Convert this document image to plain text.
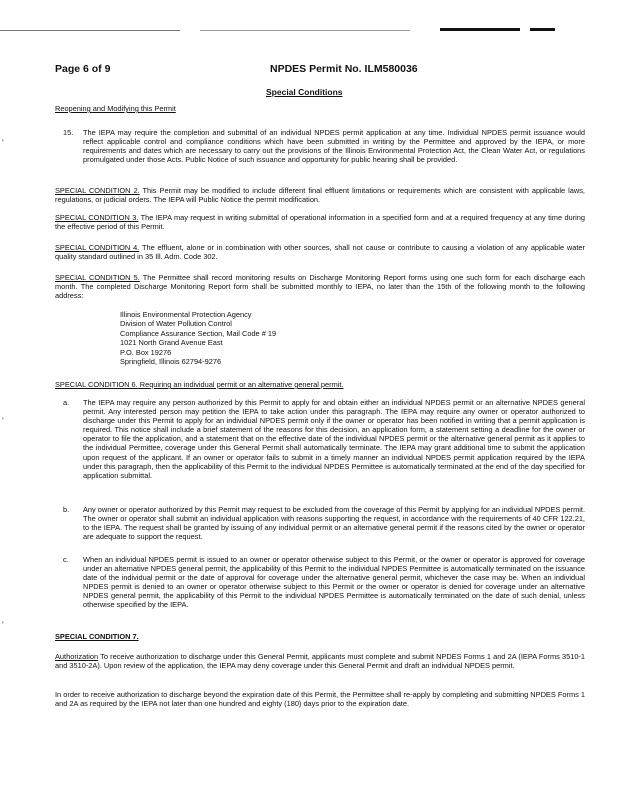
Page 6 of 9	NPDES Permit No. ILM580036
Special Conditions
Reopening and Modifying this Permit
15. The IEPA may require the completion and submittal of an individual NPDES permit application at any time. Individual NPDES permit issuance would reflect applicable control and compliance conditions which have been submitted in writing by the Permittee and approved by the IEPA, or more requirements and dates which are necessary to carry out the provisions of the Illinois Environmental Protection Act, the Clean Water Act, or regulations promulgated under those Acts. Public Notice of such issuance and opportunity for public hearing shall be provided.
SPECIAL CONDITION 2. This Permit may be modified to include different final effluent limitations or requirements which are consistent with applicable laws, regulations, or judicial orders. The IEPA will Public Notice the permit modification.
SPECIAL CONDITION 3. The IEPA may request in writing submittal of operational information in a specified form and at a required frequency at any time during the effective period of this Permit.
SPECIAL CONDITION 4. The effluent, alone or in combination with other sources, shall not cause or contribute to causing a violation of any applicable water quality standard outlined in 35 Ill. Adm. Code 302.
SPECIAL CONDITION 5. The Permittee shall record monitoring results on Discharge Monitoring Report forms using one such form for each discharge each month. The completed Discharge Monitoring Report form shall be submitted monthly to IEPA, no later than the 15th of the following month to the following address:
Illinois Environmental Protection Agency
Division of Water Pollution Control
Compliance Assurance Section, Mail Code # 19
1021 North Grand Avenue East
P.O. Box 19276
Springfield, Illinois 62794-9276
SPECIAL CONDITION 6. Requiring an individual permit or an alternative general permit.
a. The IEPA may require any person authorized by this Permit to apply for and obtain either an individual NPDES permit or an alternative NPDES general permit. Any interested person may petition the IEPA to take action under this paragraph. The IEPA may require any owner or operator authorized to discharge under this Permit to apply for an individual NPDES permit only if the owner or operator has been notified in writing that a permit application is required. This notice shall include a brief statement of the reasons for this decision, an application form, a statement setting a deadline for the owner or operator to file the application, and a statement that on the effective date of the individual NPDES permit or the alternative general permit as it applies to the individual Permittee, coverage under this General Permit shall automatically terminate. The IEPA may grant additional time to submit the application upon request of the applicant. If an owner or operator fails to submit in a timely manner an individual NPDES permit application required by the IEPA under this paragraph, then the applicability of this Permit to the individual NPDES Permittee is automatically terminated at the end of the day specified for application submittal.
b. Any owner or operator authorized by this Permit may request to be excluded from the coverage of this Permit by applying for an individual NPDES permit. The owner or operator shall submit an individual application with reasons supporting the request, in accordance with the requirements of 40 CFR 122.21, to the IEPA. The request shall be granted by issuing of any individual permit or an alternative general permit if the reasons cited by the owner or operator are adequate to support the request.
c. When an individual NPDES permit is issued to an owner or operator otherwise subject to this Permit, or the owner or operator is approved for coverage under an alternative NPDES general permit, the applicability of this Permit to the individual NPDES Permittee is automatically terminated on the issuance date of the individual permit or the date of approval for coverage under the alternative general permit, whichever the case may be. When an individual NPDES permit is denied to an owner or operator otherwise subject to this Permit or the owner or operator is denied for coverage under an alternative NPDES general permit, the applicability of this Permit to the individual NPDES Permittee is automatically terminated on the date of such denial, unless otherwise specified by the IEPA.
SPECIAL CONDITION 7.
Authorization To receive authorization to discharge under this General Permit, applicants must complete and submit NPDES Forms 1 and 2A (IEPA Forms 3510-1 and 3510-2A). Upon review of the application, the IEPA may deny coverage under this General Permit and draft an individual NPDES permit.
In order to receive authorization to discharge beyond the expiration date of this Permit, the Permittee shall re-apply by completing and submitting NPDES Forms 1 and 2A as required by the IEPA not later than one hundred and eighty (180) days prior to the expiration date.
'
'
'
